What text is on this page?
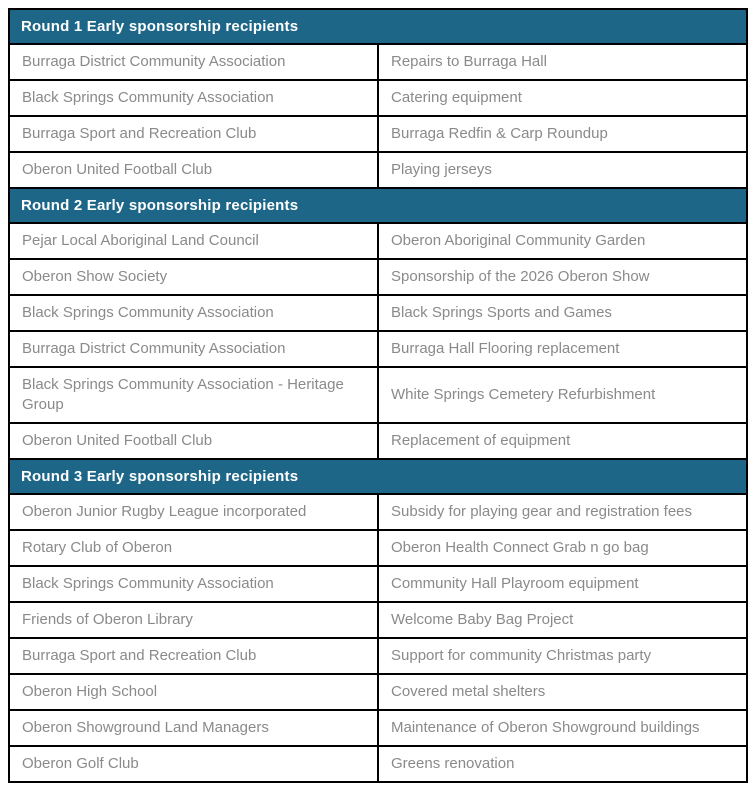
Round 1 Early sponsorship recipients	
Burraga District Community Association	Repairs to Burraga Hall
Black Springs Community Association	Catering equipment
Burraga Sport and Recreation Club	Burraga Redfin & Carp Roundup
Oberon United Football Club	Playing jerseys
Round 2 Early sponsorship recipients	
Pejar Local Aboriginal Land Council	Oberon Aboriginal Community Garden
Oberon Show Society	Sponsorship of the 2026 Oberon Show
Black Springs Community Association	Black Springs Sports and Games
Burraga District Community Association	Burraga Hall Flooring replacement
Black Springs Community Association - Heritage Group	White Springs Cemetery Refurbishment
Oberon United Football Club	Replacement of equipment
Round 3 Early sponsorship recipients	
Oberon Junior Rugby League incorporated	Subsidy for playing gear and registration fees
Rotary Club of Oberon	Oberon Health Connect Grab n go bag
Black Springs Community Association	Community Hall Playroom equipment
Friends of Oberon Library	Welcome Baby Bag Project
Burraga Sport and Recreation Club	Support for community Christmas party
Oberon High School	Covered metal shelters
Oberon Showground Land Managers	Maintenance of Oberon Showground buildings
Oberon Golf Club	Greens renovation
